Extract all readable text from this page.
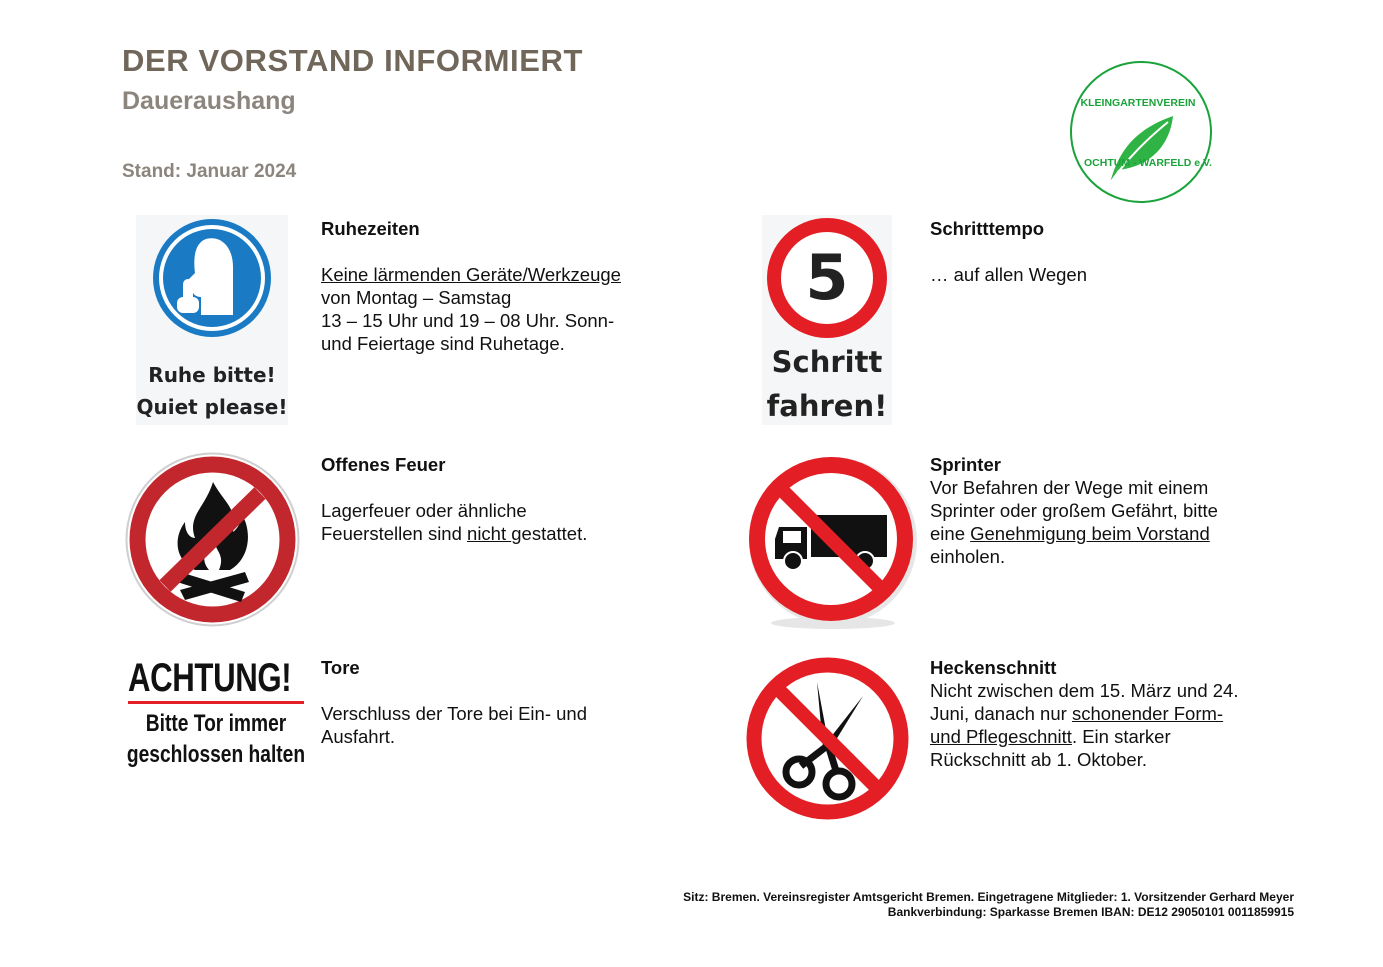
DER VORSTAND INFORMIERT
Daueraushang
Stand: Januar 2024
KLEINGARTENVEREIN
OCHTUM - WARFELD e.V.
Ruhe bitte!
Quiet please!
Ruhezeiten
Keine lärmenden Geräte/Werkzeuge
von Montag – Samstag
13 – 15 Uhr und 19 – 08 Uhr. Sonn-
und Feiertage sind Ruhetage.
5
Schritt
fahren!
Schritttempo
… auf allen Wegen
Offenes Feuer
Lagerfeuer oder ähnliche
Feuerstellen sind nicht gestattet.
Sprinter
Vor Befahren der Wege mit einem
Sprinter oder großem Gefährt, bitte
eine Genehmigung beim Vorstand
einholen.
ACHTUNG!
Bitte Tor immer
geschlossen halten
Tore
Verschluss der Tore bei Ein- und
Ausfahrt.
Heckenschnitt
Nicht zwischen dem 15. März und 24.
Juni, danach nur schonender Form-
und Pflegeschnitt. Ein starker
Rückschnitt ab 1. Oktober.
Sitz: Bremen. Vereinsregister Amtsgericht Bremen. Eingetragene Mitglieder: 1. Vorsitzender Gerhard Meyer
Bankverbindung: Sparkasse Bremen IBAN: DE12 29050101 0011859915
